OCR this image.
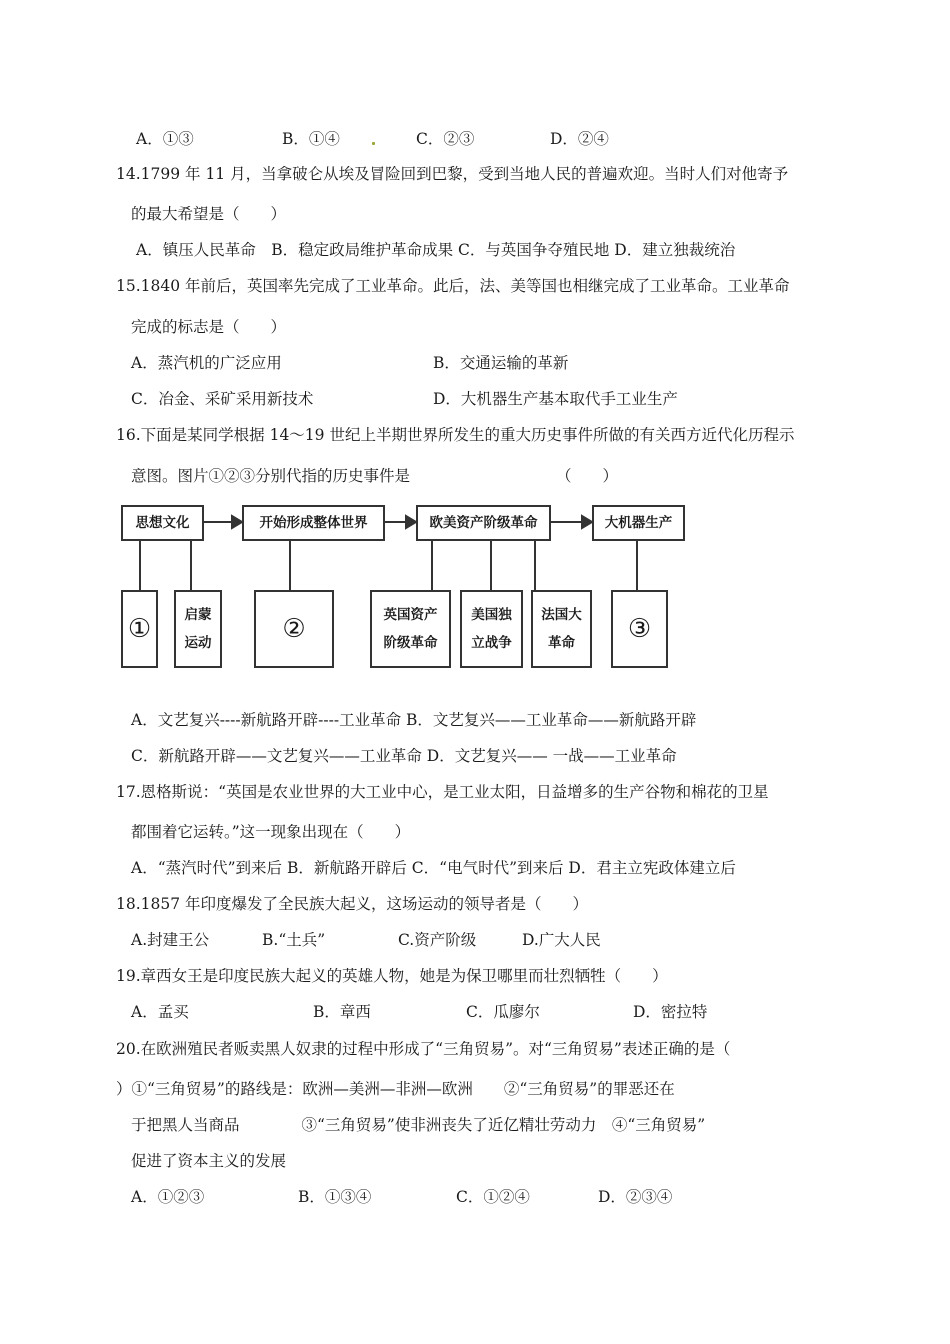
A．①③	B．①④	C．②③	D．②④
14.1799 年 11 月，当拿破仑从埃及冒险回到巴黎，受到当地人民的普遍欢迎。当时人们对他寄予
的最大希望是（　　）
A．镇压人民革命　B．稳定政局维护革命成果 C．与英国争夺殖民地 D．建立独裁统治
15.1840 年前后，英国率先完成了工业革命。此后，法、美等国也相继完成了工业革命。工业革命
完成的标志是（　　）
A．蒸汽机的广泛应用	B．交通运输的革新
C．冶金、采矿采用新技术	D．大机器生产基本取代手工业生产
16.下面是某同学根据 14～19 世纪上半期世界所发生的重大历史事件所做的有关西方近代化历程示
意图。图片①②③分别代指的历史事件是	（　　）
思想文化	开始形成整体世界	欧美资产阶级革命	大机器生产
① 启蒙
运动	②	英国资产
阶级革命
美国独
立战争
法国大
革命 ③
A．文艺复兴----新航路开辟----工业革命 B．文艺复兴——工业革命——新航路开辟
C．新航路开辟——文艺复兴——工业革命 D．文艺复兴—— 一战——工业革命
17.恩格斯说：“英国是农业世界的大工业中心，是工业太阳，日益增多的生产谷物和棉花的卫星
都围着它运转。”这一现象出现在（　　）
A．“蒸汽时代”到来后 B．新航路开辟后 C．“电气时代”到来后 D．君主立宪政体建立后
18.1857 年印度爆发了全民族大起义，这场运动的领导者是（　　）
A.封建王公	B.“土兵”	C.资产阶级	D.广大人民
19.章西女王是印度民族大起义的英雄人物，她是为保卫哪里而壮烈牺牲（　　）
A．孟买	B．章西	C．瓜廖尔	D．密拉特
20.在欧洲殖民者贩卖黑人奴隶的过程中形成了“三角贸易”。对“三角贸易”表述正确的是（
）①“三角贸易”的路线是：欧洲—美洲—非洲—欧洲　　②“三角贸易”的罪恶还在
于把黑人当商品　　　　③“三角贸易”使非洲丧失了近亿精壮劳动力　④“三角贸易”
促进了资本主义的发展
A．①②③	B．①③④	C．①②④	D．②③④
